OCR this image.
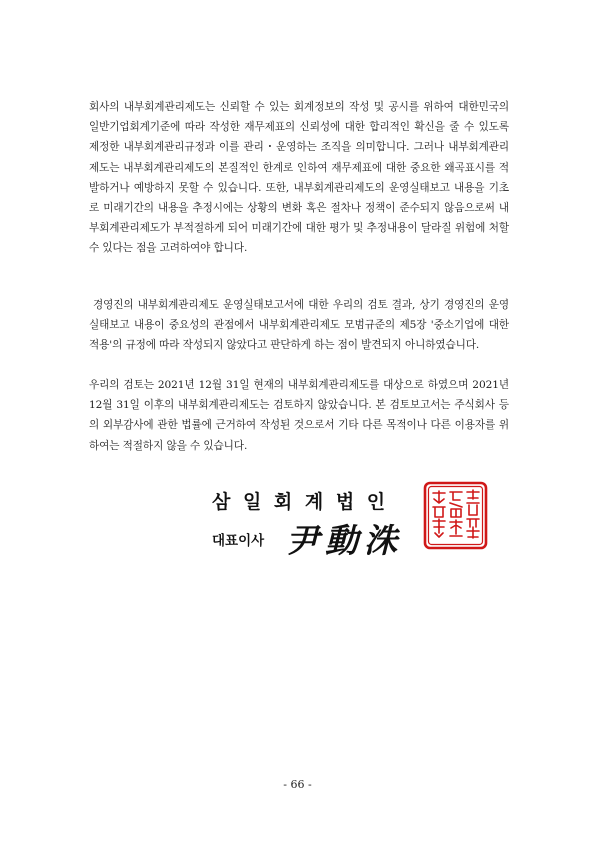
회사의 내부회계관리제도는 신뢰할 수 있는 회계정보의 작성 및 공시를 위하여 대한민국의 일반기업회계기준에 따라 작성한 재무제표의 신뢰성에 대한 합리적인 확신을 줄 수 있도록 제정한 내부회계관리규정과 이를 관리・운영하는 조직을 의미합니다. 그러나 내부회계관리제도는 내부회계관리제도의 본질적인 한계로 인하여 재무제표에 대한 중요한 왜곡표시를 적발하거나 예방하지 못할 수 있습니다. 또한, 내부회계관리제도의 운영실태보고 내용을 기초로 미래기간의 내용을 추정시에는 상황의 변화 혹은 절차나 정책이 준수되지 않음으로써 내부회계관리제도가 부적절하게 되어 미래기간에 대한 평가 및 추정내용이 달라질 위험에 처할 수 있다는 점을 고려하여야 합니다.

경영진의 내부회계관리제도 운영실태보고서에 대한 우리의 검토 결과, 상기 경영진의 운영실태보고 내용이 중요성의 관점에서 내부회계관리제도 모범규준의 제5장 '중소기업에 대한 적용'의 규정에 따라 작성되지 않았다고 판단하게 하는 점이 발견되지 아니하였습니다.

우리의 검토는 2021년 12월 31일 현재의 내부회계관리제도를 대상으로 하였으며 2021년 12월 31일 이후의 내부회계관리제도는 검토하지 않았습니다. 본 검토보고서는 주식회사 등의 외부감사에 관한 법률에 근거하여 작성된 것으로서 기타 다른 목적이나 다른 이용자를 위하여는 적절하지 않을 수 있습니다.

삼일회계법인
대표이사 尹動洙
- 66 -
